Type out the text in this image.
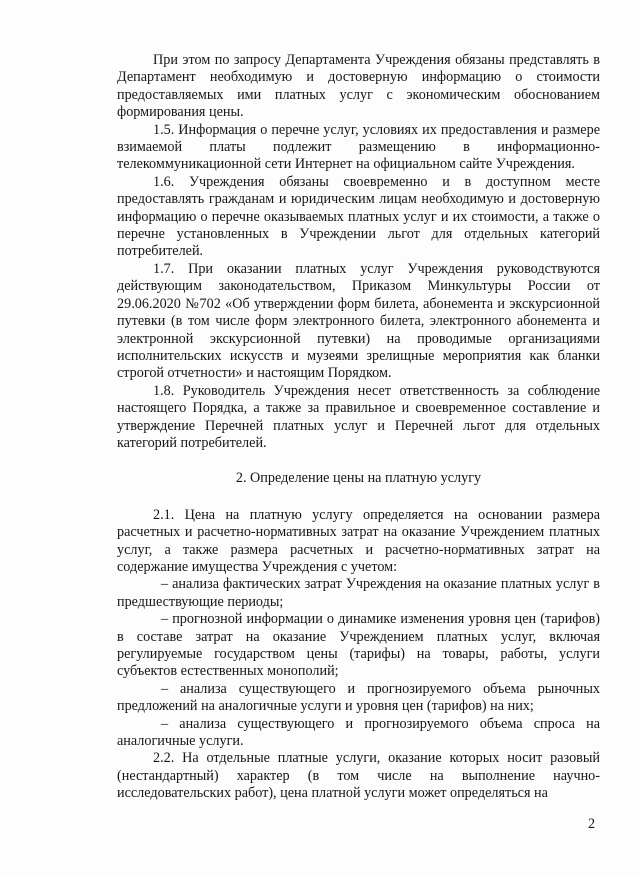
При этом по запросу Департамента Учреждения обязаны представлять в Департамент необходимую и достоверную информацию о стоимости предоставляемых ими платных услуг с экономическим обоснованием формирования цены.

1.5. Информация о перечне услуг, условиях их предоставления и размере взимаемой платы подлежит размещению в информационно-телекоммуникационной сети Интернет на официальном сайте Учреждения.

1.6. Учреждения обязаны своевременно и в доступном месте предоставлять гражданам и юридическим лицам необходимую и достоверную информацию о перечне оказываемых платных услуг и их стоимости, а также о перечне установленных в Учреждении льгот для отдельных категорий потребителей.

1.7. При оказании платных услуг Учреждения руководствуются действующим законодательством, Приказом Минкультуры России от 29.06.2020 №702 «Об утверждении форм билета, абонемента и экскурсионной путевки (в том числе форм электронного билета, электронного абонемента и электронной экскурсионной путевки) на проводимые организациями исполнительских искусств и музеями зрелищные мероприятия как бланки строгой отчетности» и настоящим Порядком.

1.8. Руководитель Учреждения несет ответственность за соблюдение настоящего Порядка, а также за правильное и своевременное составление и утверждение Перечней платных услуг и Перечней льгот для отдельных категорий потребителей.

2. Определение цены на платную услугу

2.1. Цена на платную услугу определяется на основании размера расчетных и расчетно-нормативных затрат на оказание Учреждением платных услуг, а также размера расчетных и расчетно-нормативных затрат на содержание имущества Учреждения с учетом:

– анализа фактических затрат Учреждения на оказание платных услуг в предшествующие периоды;

– прогнозной информации о динамике изменения уровня цен (тарифов) в составе затрат на оказание Учреждением платных услуг, включая регулируемые государством цены (тарифы) на товары, работы, услуги субъектов естественных монополий;

– анализа существующего и прогнозируемого объема рыночных предложений на аналогичные услуги и уровня цен (тарифов) на них;

– анализа существующего и прогнозируемого объема спроса на аналогичные услуги.

2.2. На отдельные платные услуги, оказание которых носит разовый (нестандартный) характер (в том числе на выполнение научно-исследовательских работ), цена платной услуги может определяться на

2
